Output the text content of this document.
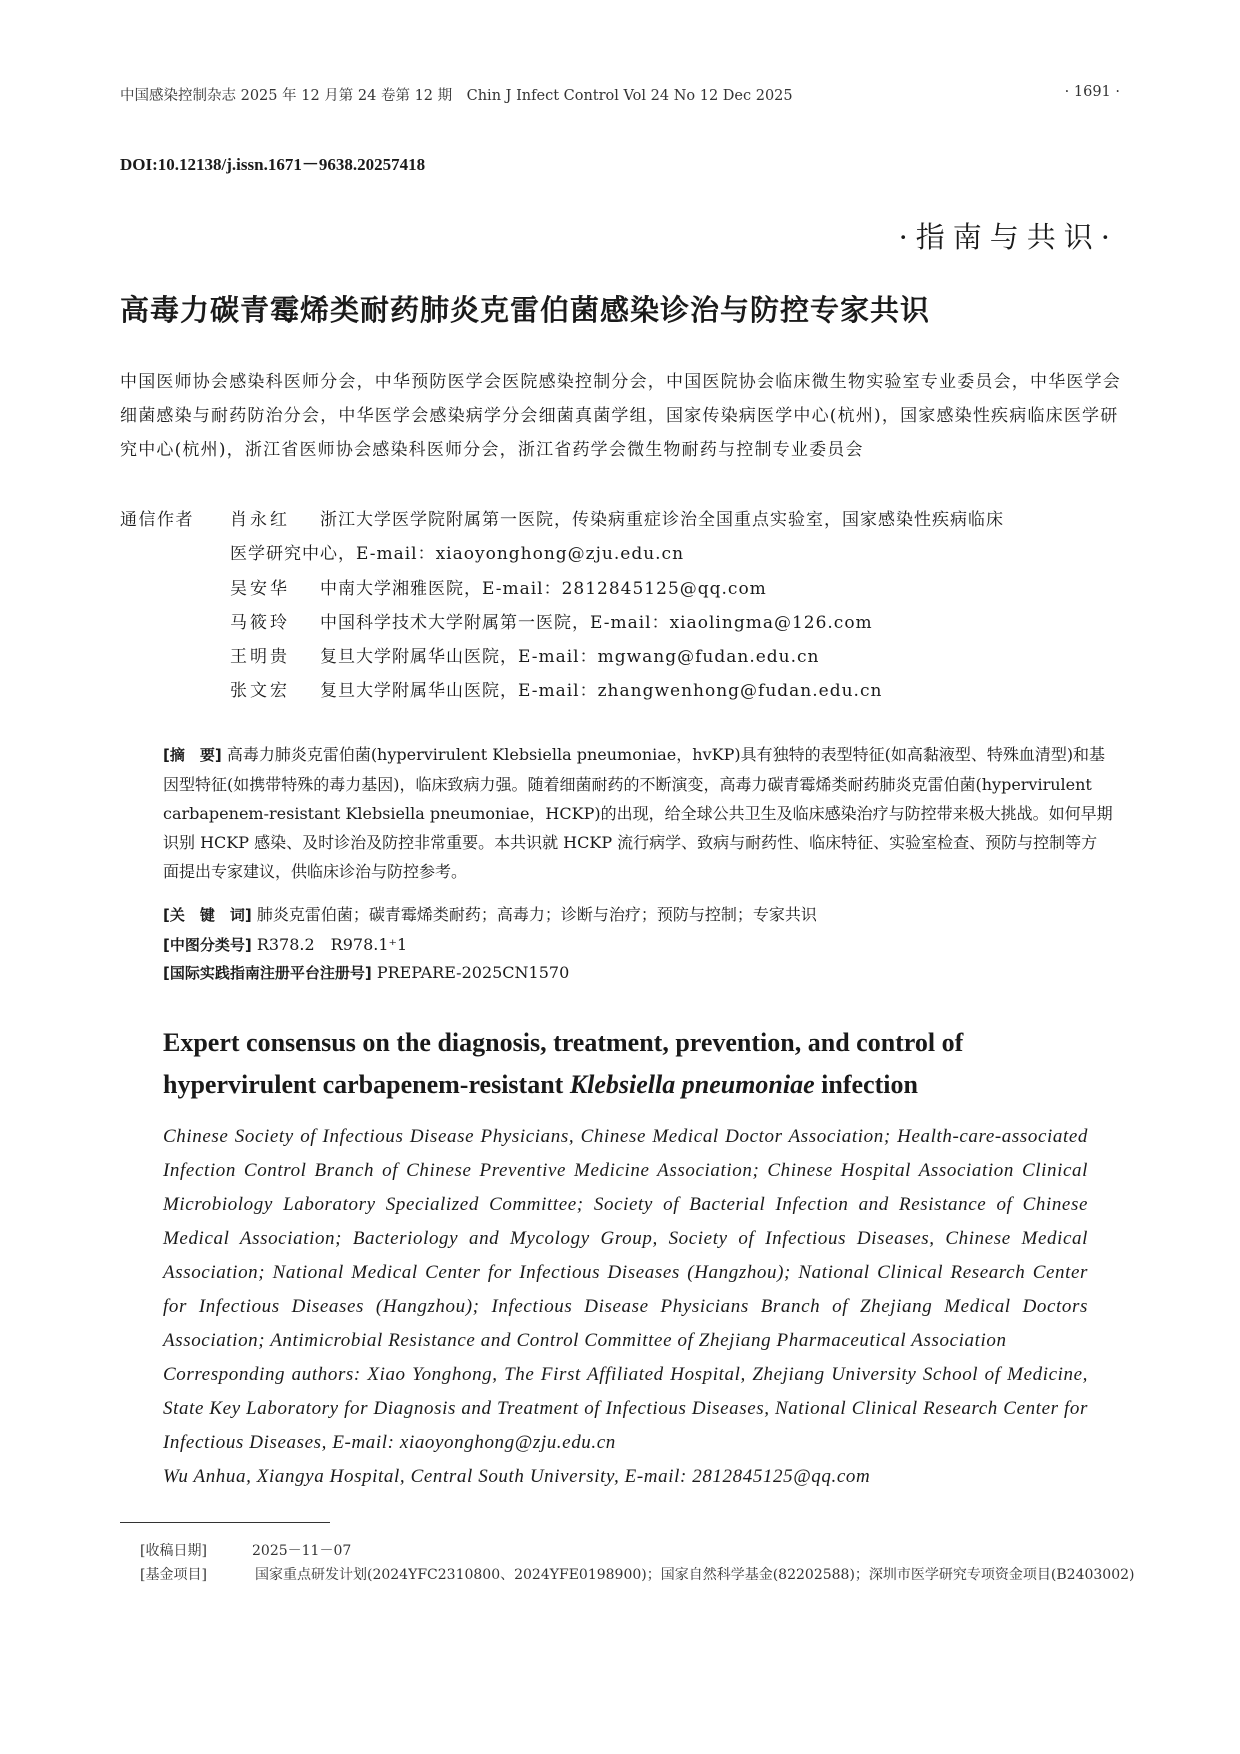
中国感染控制杂志 2025 年 12 月第 24 卷第 12 期　Chin J Infect Control Vol 24 No 12 Dec 2025	· 1691 ·
DOI:10.12138/j.issn.1671－9638.20257418
·指南与共识·
高毒力碳青霉烯类耐药肺炎克雷伯菌感染诊治与防控专家共识
中国医师协会感染科医师分会，中华预防医学会医院感染控制分会，中国医院协会临床微生物实验室专业委员会，中华医学会细菌感染与耐药防治分会，中华医学会感染病学分会细菌真菌学组，国家传染病医学中心(杭州)，国家感染性疾病临床医学研究中心(杭州)，浙江省医师协会感染科医师分会，浙江省药学会微生物耐药与控制专业委员会
通信作者 肖永红 浙江大学医学院附属第一医院，传染病重症诊治全国重点实验室，国家感染性疾病临床
医学研究中心，E-mail：xiaoyonghong@zju.edu.cn
吴安华 中南大学湘雅医院，E-mail：2812845125@qq.com
马筱玲 中国科学技术大学附属第一医院，E-mail：xiaolingma@126.com
王明贵 复旦大学附属华山医院，E-mail：mgwang@fudan.edu.cn
张文宏 复旦大学附属华山医院，E-mail：zhangwenhong@fudan.edu.cn
[摘　要] 高毒力肺炎克雷伯菌(hypervirulent Klebsiella pneumoniae，hvKP)具有独特的表型特征(如高黏液型、特殊血清型)和基因型特征(如携带特殊的毒力基因)，临床致病力强。随着细菌耐药的不断演变，高毒力碳青霉烯类耐药肺炎克雷伯菌(hypervirulent carbapenem-resistant Klebsiella pneumoniae，HCKP)的出现，给全球公共卫生及临床感染治疗与防控带来极大挑战。如何早期识别 HCKP 感染、及时诊治及防控非常重要。本共识就 HCKP 流行病学、致病与耐药性、临床特征、实验室检查、预防与控制等方面提出专家建议，供临床诊治与防控参考。
[关　键　词] 肺炎克雷伯菌；碳青霉烯类耐药；高毒力；诊断与治疗；预防与控制；专家共识
[中图分类号] R378.2　R978.1⁺1
[国际实践指南注册平台注册号] PREPARE-2025CN1570
Expert consensus on the diagnosis, treatment, prevention, and control of
hypervirulent carbapenem-resistant Klebsiella pneumoniae infection

Chinese Society of Infectious Disease Physicians, Chinese Medical Doctor Association; Health-care-associated Infection Control Branch of Chinese Preventive Medicine Association; Chinese Hospital Association Clinical Microbiology Laboratory Specialized Committee; Society of Bacterial Infection and Resistance of Chinese Medical Association; Bacteriology and Mycology Group, Society of Infectious Diseases, Chinese Medical Association; National Medical Center for Infectious Diseases (Hangzhou); National Clinical Research Center for Infectious Diseases (Hangzhou); Infectious Disease Physicians Branch of Zhejiang Medical Doctors Association; Antimicrobial Resistance and Control Committee of Zhejiang Pharmaceutical Association

Corresponding authors: Xiao Yonghong, The First Affiliated Hospital, Zhejiang University School of Medicine, State Key Laboratory for Diagnosis and Treatment of Infectious Diseases, National Clinical Research Center for Infectious Diseases, E-mail: xiaoyonghong@zju.edu.cn

Wu Anhua, Xiangya Hospital, Central South University, E-mail: 2812845125@qq.com

[收稿日期]	2025－11－07
[基金项目]	国家重点研发计划(2024YFC2310800、2024YFE0198900)；国家自然科学基金(82202588)；深圳市医学研究专项资金项目(B2403002)
